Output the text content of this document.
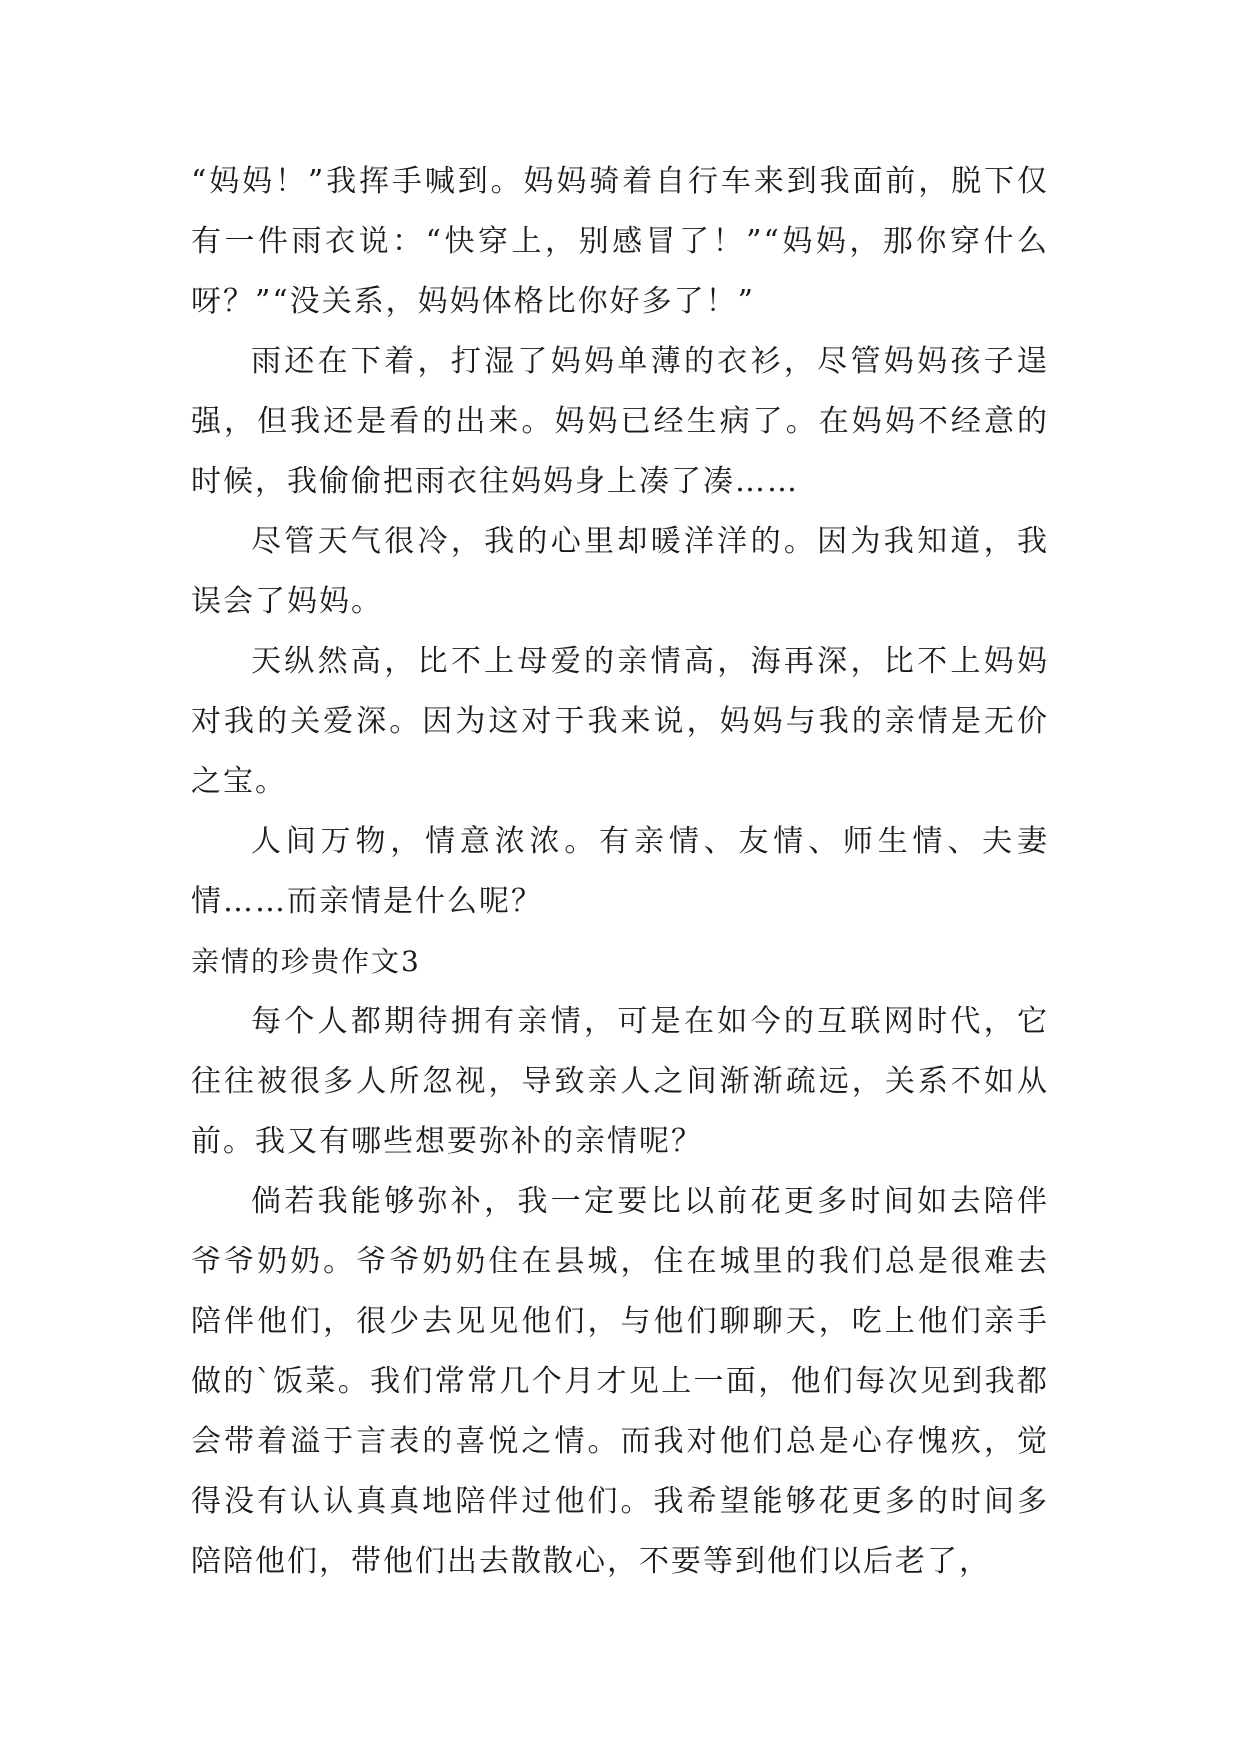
“妈妈！”我挥手喊到。妈妈骑着自行车来到我面前，脱下仅有一件雨衣说：“快穿上，别感冒了！”“妈妈，那你穿什么呀？”“没关系，妈妈体格比你好多了！”

雨还在下着，打湿了妈妈单薄的衣衫，尽管妈妈孩子逞强，但我还是看的出来。妈妈已经生病了。在妈妈不经意的时候，我偷偷把雨衣往妈妈身上凑了凑……

尽管天气很冷，我的心里却暖洋洋的。因为我知道，我误会了妈妈。

天纵然高，比不上母爱的亲情高，海再深，比不上妈妈对我的关爱深。因为这对于我来说，妈妈与我的亲情是无价之宝。

人间万物，情意浓浓。有亲情、友情、师生情、夫妻情……而亲情是什么呢？

亲情的珍贵作文3

每个人都期待拥有亲情，可是在如今的互联网时代，它往往被很多人所忽视，导致亲人之间渐渐疏远，关系不如从前。我又有哪些想要弥补的亲情呢？

倘若我能够弥补，我一定要比以前花更多时间如去陪伴爷爷奶奶。爷爷奶奶住在县城，住在城里的我们总是很难去陪伴他们，很少去见见他们，与他们聊聊天，吃上他们亲手做的`饭菜。我们常常几个月才见上一面，他们每次见到我都会带着溢于言表的喜悦之情。而我对他们总是心存愧疚，觉得没有认认真真地陪伴过他们。我希望能够花更多的时间多陪陪他们，带他们出去散散心，不要等到他们以后老了，
